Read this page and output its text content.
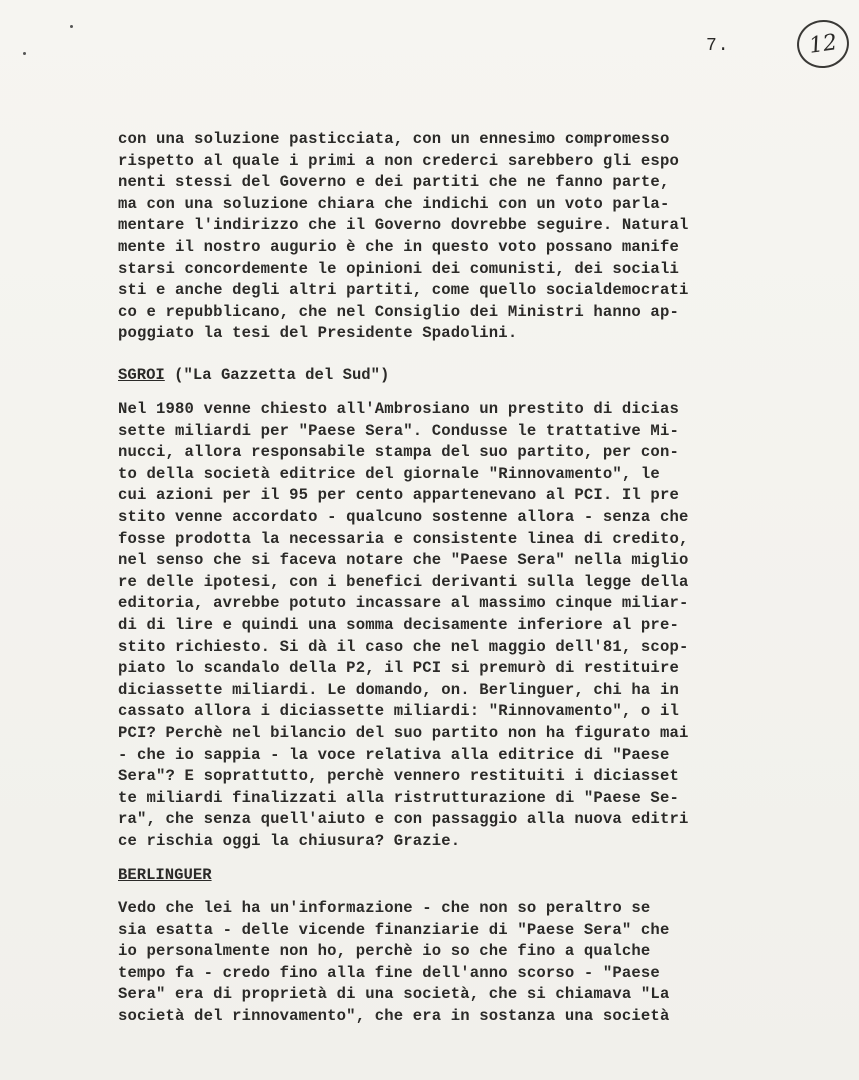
7.	12
con una soluzione pasticciata, con un ennesimo compromesso
rispetto al quale i primi a non crederci sarebbero gli espo
nenti stessi del Governo e dei partiti che ne fanno parte,
ma con una soluzione chiara che indichi con un voto parla-
mentare l'indirizzo che il Governo dovrebbe seguire. Natural
mente il nostro augurio è che in questo voto possano manife
starsi concordemente le opinioni dei comunisti, dei sociali
sti e anche degli altri partiti, come quello socialdemocrati
co e repubblicano, che nel Consiglio dei Ministri hanno ap-
poggiato la tesi del Presidente Spadolini.

SGROI ("La Gazzetta del Sud")

Nel 1980 venne chiesto all'Ambrosiano un prestito di dicias
sette miliardi per "Paese Sera". Condusse le trattative Mi-
nucci, allora responsabile stampa del suo partito, per con-
to della società editrice del giornale "Rinnovamento", le
cui azioni per il 95 per cento appartenevano al PCI. Il pre
stito venne accordato - qualcuno sostenne allora - senza che
fosse prodotta la necessaria e consistente linea di credito,
nel senso che si faceva notare che "Paese Sera" nella miglio
re delle ipotesi, con i benefici derivanti sulla legge della
editoria, avrebbe potuto incassare al massimo cinque miliar-
di di lire e quindi una somma decisamente inferiore al pre-
stito richiesto. Si dà il caso che nel maggio dell'81, scop-
piato lo scandalo della P2, il PCI si premurò di restituire
diciassette miliardi. Le domando, on. Berlinguer, chi ha in
cassato allora i diciassette miliardi: "Rinnovamento", o il
PCI? Perchè nel bilancio del suo partito non ha figurato mai
- che io sappia - la voce relativa alla editrice di "Paese
Sera"? E soprattutto, perchè vennero restituiti i diciasset
te miliardi finalizzati alla ristrutturazione di "Paese Se-
ra", che senza quell'aiuto e con passaggio alla nuova editri
ce rischia oggi la chiusura? Grazie.

BERLINGUER

Vedo che lei ha un'informazione - che non so peraltro se
sia esatta - delle vicende finanziarie di "Paese Sera" che
io personalmente non ho, perchè io so che fino a qualche
tempo fa - credo fino alla fine dell'anno scorso - "Paese
Sera" era di proprietà di una società, che si chiamava "La
società del rinnovamento", che era in sostanza una società
